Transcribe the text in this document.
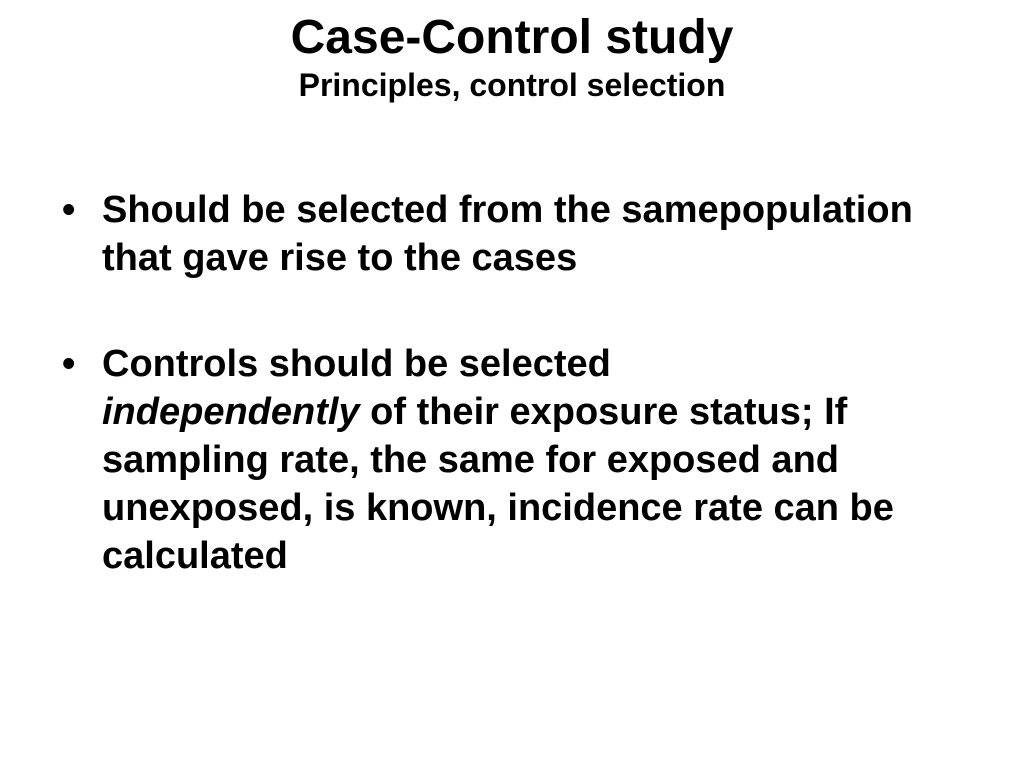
Case-Control study
Principles, control selection
• Should be selected from the samepopulation that gave rise to the cases
• Controls should be selected
independently of their exposure status; If sampling rate, the same for exposed and unexposed, is known, incidence rate can be calculated
